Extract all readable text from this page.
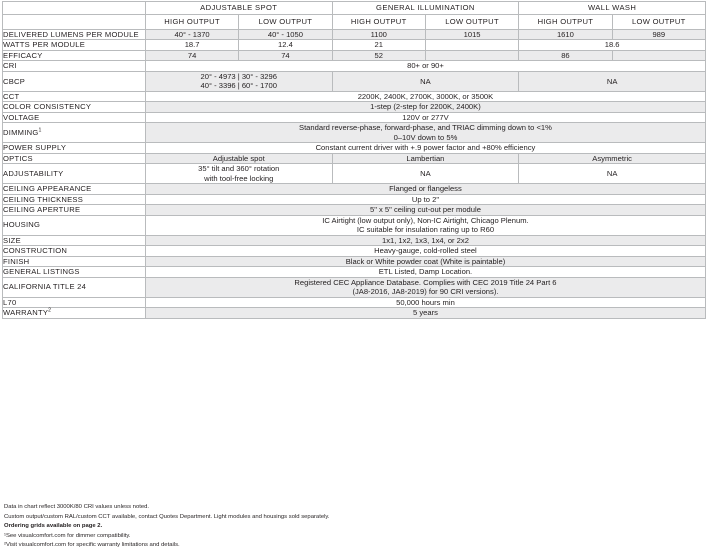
	ADJUSTABLE SPOT		GENERAL ILLUMINATION		WALL WASH	
	HIGH OUTPUT	LOW OUTPUT	HIGH OUTPUT	LOW OUTPUT	HIGH OUTPUT	LOW OUTPUT
DELIVERED LUMENS PER MODULE	40° - 1370	40° - 1050	1100	1015	1610	989
WATTS PER MODULE	18.7	12.4	21		18.6	
EFFICACY	74	74	52		86	
CRI	80+ or 90+					
CBCP	20° - 4973 | 30° - 3296
40° - 3396 | 60° - 1700		NA		NA	
CCT	2200K, 2400K, 2700K, 3000K, or 3500K					
COLOR CONSISTENCY	1-step (2-step for 2200K, 2400K)					
VOLTAGE	120V or 277V					
DIMMING$^1$	Standard reverse-phase, forward-phase, and TRIAC dimming down to <1%
0–10V down to 5%					
POWER SUPPLY	Constant current driver with +.9 power factor and +80% efficiency					
OPTICS	Adjustable spot		Lambertian		Asymmetric	
ADJUSTABILITY	35° tilt and 360° rotation
with tool-free locking		NA		NA	
CEILING APPEARANCE	Flanged or flangeless					
CEILING THICKNESS	Up to 2"					
CEILING APERTURE	5" x 5" ceiling cut-out per module					
HOUSING	IC Airtight (low output only), Non-IC Airtight, Chicago Plenum.
IC suitable for insulation rating up to R60					
SIZE	1x1, 1x2, 1x3, 1x4, or 2x2					
CONSTRUCTION	Heavy-gauge, cold-rolled steel					
FINISH	Black or White powder coat (White is paintable)					
GENERAL LISTINGS	ETL Listed, Damp Location.					
CALIFORNIA TITLE 24	Registered CEC Appliance Database. Complies with CEC 2019 Title 24 Part 6
(JA8-2016, JA8-2019) for 90 CRI versions).					
L70	50,000 hours min					
WARRANTY$^2$	5 years					
Data in chart reflect 3000K/80 CRI values unless noted.
Custom output/custom RAL/custom CCT available, contact Quotes Department. Light modules and housings sold separately.
Ordering grids available on page 2.
¹See visualcomfort.com for dimmer compatibility.
²Visit visualcomfort.com for specific warranty limitations and details.
